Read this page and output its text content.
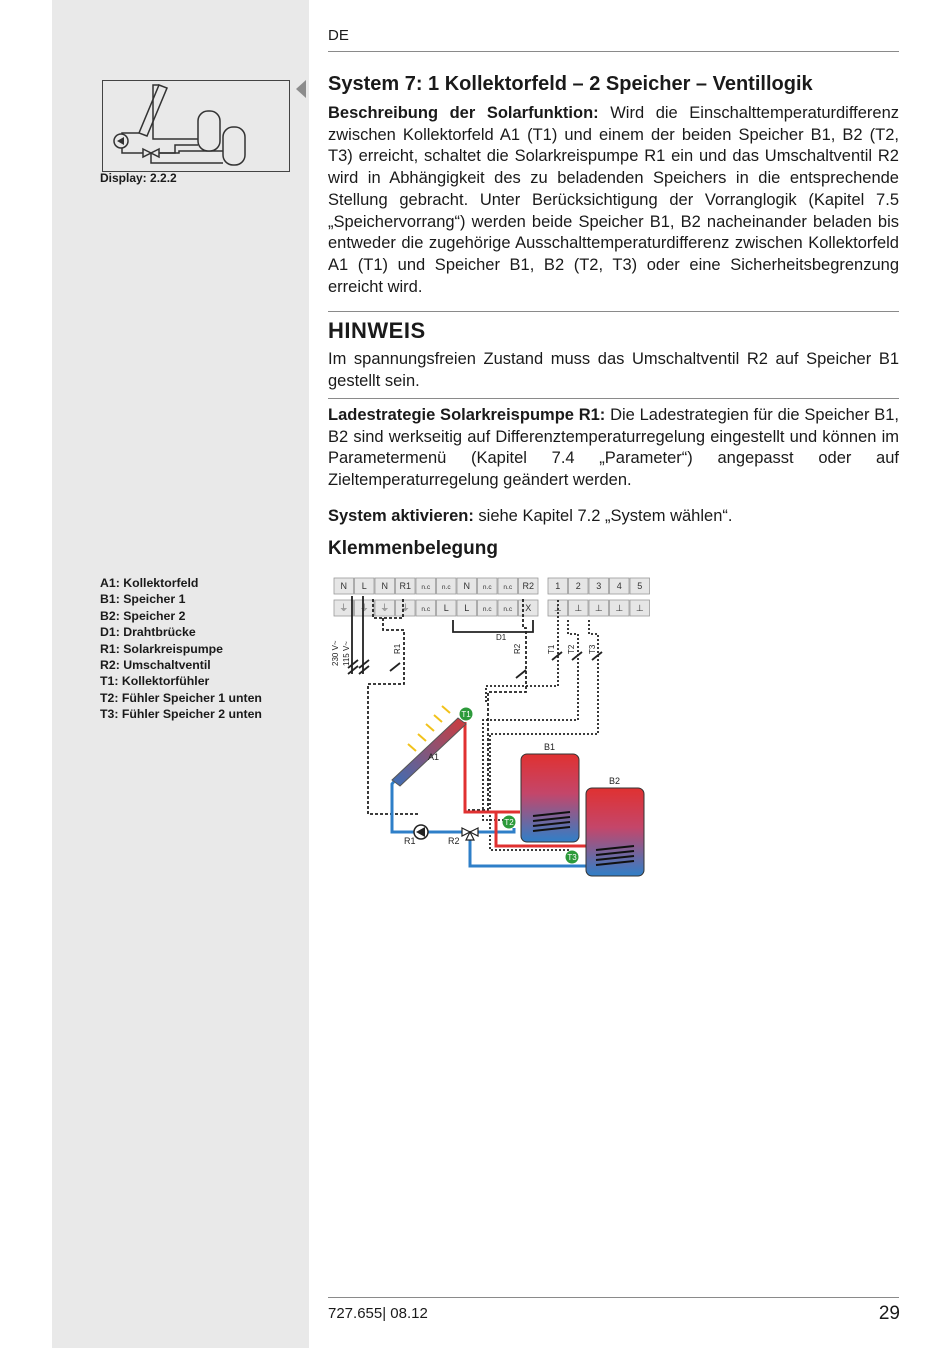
DE
Display: 2.2.2
System 7: 1 Kollektorfeld – 2 Speicher – Ventillogik
Beschreibung der Solarfunktion: Wird die Einschalttemperaturdifferenz zwischen Kollektorfeld A1 (T1) und einem der beiden Speicher B1, B2 (T2, T3) erreicht, schaltet die Solarkreispumpe R1 ein und das Umschaltventil R2 wird in Abhängigkeit des zu beladenden Speichers in die entsprechende Stellung gebracht. Unter Berücksichtigung der Vorranglogik (Kapitel 7.5 „Speichervorrang“) werden beide Speicher B1, B2 nacheinander beladen bis entweder die zugehörige Ausschalttemperaturdifferenz zwischen Kollektorfeld A1 (T1) und Speicher B1, B2 (T2, T3) oder eine Sicherheitsbegrenzung erreicht wird.
HINWEIS
Im spannungsfreien Zustand muss das Umschaltventil R2 auf Speicher B1 gestellt sein.
Ladestrategie Solarkreispumpe R1: Die Ladestrategien für die Speicher B1, B2 sind werkseitig auf Differenztemperaturregelung eingestellt und können im Parametermenü (Kapitel 7.4 „Parameter“) angepasst oder auf Zieltemperaturregelung geändert werden.
System aktivieren: siehe Kapitel 7.2 „System wählen“.
Klemmenbelegung
A1: Kollektorfeld
B1: Speicher 1
B2: Speicher 2
D1: Drahtbrücke
R1: Solarkreispumpe
R2: Umschaltventil
T1: Kollektorfühler
T2: Fühler Speicher 1 unten
T3: Fühler Speicher 2 unten
N L N R1 n.c n.c N n.c n.c R2
⏚ ⏚ ⏚ ⏚ n.c L L n.c n.c X
1 2 3 4 5
⊥ ⊥ ⊥ ⊥ ⊥
T1
T2
T3
A1
B1
B2
R1	R2
D1
230 V~ 115 V~	R1	R2	T1 T2 T3
727.655| 08.12	29
